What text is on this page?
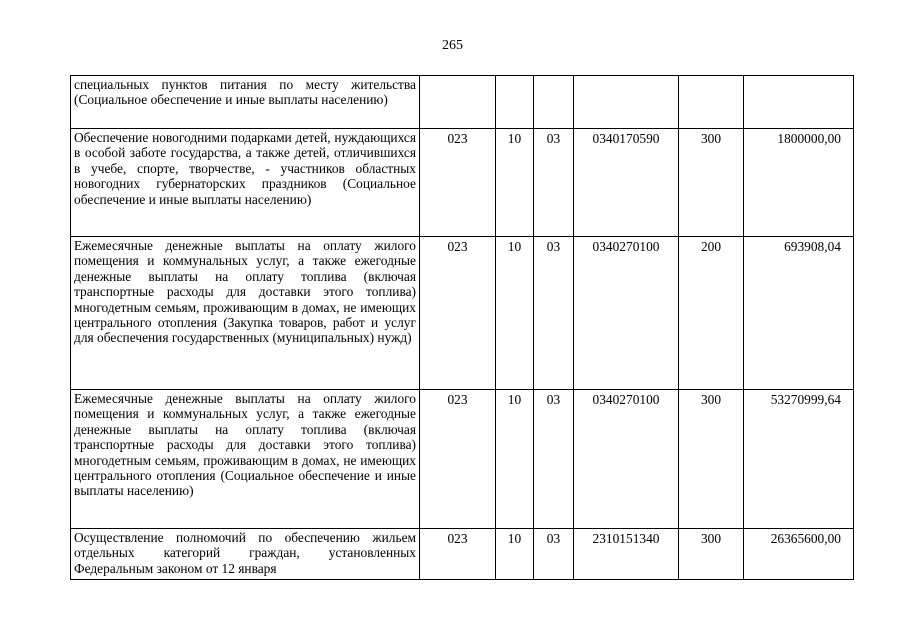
265
специальных пунктов питания по месту жительства (Социальное обеспечение и иные выплаты населению)						
Обеспечение новогодними подарками детей, нуждающихся в особой заботе государства, а также детей, отличившихся в учебе, спорте, творчестве, - участников областных новогодних губернаторских праздников (Социальное обеспечение и иные выплаты населению)	023	10	03	0340170590	300	1800000,00
Ежемесячные денежные выплаты на оплату жилого помещения и коммунальных услуг, а также ежегодные денежные выплаты на оплату топлива (включая транспортные расходы для доставки этого топлива) многодетным семьям, проживающим в домах, не имеющих центрального отопления (Закупка товаров, работ и услуг для обеспечения государственных (муниципальных) нужд)	023	10	03	0340270100	200	693908,04
Ежемесячные денежные выплаты на оплату жилого помещения и коммунальных услуг, а также ежегодные денежные выплаты на оплату топлива (включая транспортные расходы для доставки этого топлива) многодетным семьям, проживающим в домах, не имеющих центрального отопления (Социальное обеспечение и иные выплаты населению)	023	10	03	0340270100	300	53270999,64
Осуществление полномочий по обеспечению жильем отдельных категорий граждан, установленных Федеральным законом от 12 января	023	10	03	2310151340	300	26365600,00
